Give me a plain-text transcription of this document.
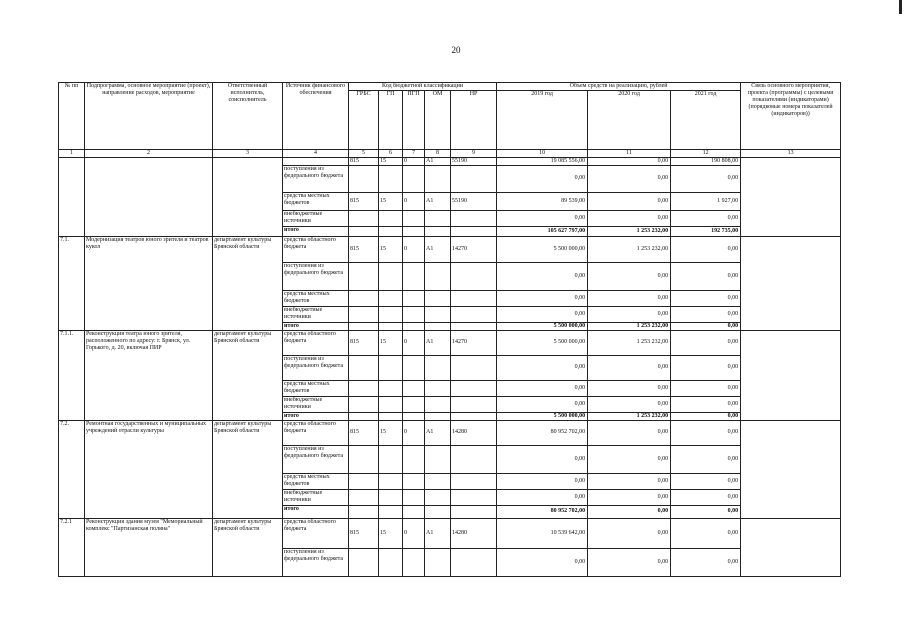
20
№ пп	Подпрограмма, основное мероприятие (проект), направление расходов, мероприятие	Ответственный исполнитель, соисполнитель	Источник финансового обеспечения	Код бюджетной классификации					Объем средств на реализацию, рублей			Связь основного мероприятия, проекта (программы) с целевыми показателями (индикаторами) (порядковые номера показателей (индикаторов))
				ГРБС	ГП	ПГП	ОМ	НР	2019 год	2020 год	2021 год	
1	2	3	4	5	6	7	8	9	10	11	12	13
				815	15	0	А1	55190	19 085 556,00	0,00	190 808,00	
			поступления из федерального бюджета						0,00	0,00	0,00	
			средства местных бюджетов	815	15	0	А1	55190	89 539,00	0,00	1 927,00	
			внебюджетные источники						0,00	0,00	0,00	
			итого						105 627 797,00	1 253 232,00	192 735,00	
7.1.	Модернизация театров юного зрителя и театров кукол	департамент культуры Брянской области	средства областного бюджета	815	15	0	А1	14270	5 500 000,00	1 253 232,00	0,00	
			поступления из федерального бюджета						0,00	0,00	0,00	
			средства местных бюджетов						0,00	0,00	0,00	
			внебюджетные источники						0,00	0,00	0,00	
			итого						5 500 000,00	1 253 232,00	0,00	
7.1.1.	Реконструкция театра юного зрителя, расположенного по адресу: г. Брянск, ул. Горького, д. 20, включая ПИР	департамент культуры Брянской области	средства областного бюджета	815	15	0	А1	14270	5 500 000,00	1 253 232,00	0,00	
			поступления из федерального бюджета						0,00	0,00	0,00	
			средства местных бюджетов						0,00	0,00	0,00	
			внебюджетные источники						0,00	0,00	0,00	
			итого						5 500 000,00	1 253 232,00	0,00	
7.2.	Ремонтная государственных и муниципальных учреждений отрасли культуры	департамент культуры Брянской области	средства областного бюджета	815	15	0	А1	14280	80 952 702,00	0,00	0,00	
			поступления из федерального бюджета						0,00	0,00	0,00	
			средства местных бюджетов						0,00	0,00	0,00	
			внебюджетные источники						0,00	0,00	0,00	
			итого						80 952 702,00	0,00	0,00	
7.2.1	Реконструкция здания музея "Мемориальный комплекс "Партизанская поляна"	департамент культуры Брянской области	средства областного бюджета	815	15	0	А1	14280	10 539 642,00	0,00	0,00	
			поступления из федерального бюджета						0,00	0,00	0,00	
